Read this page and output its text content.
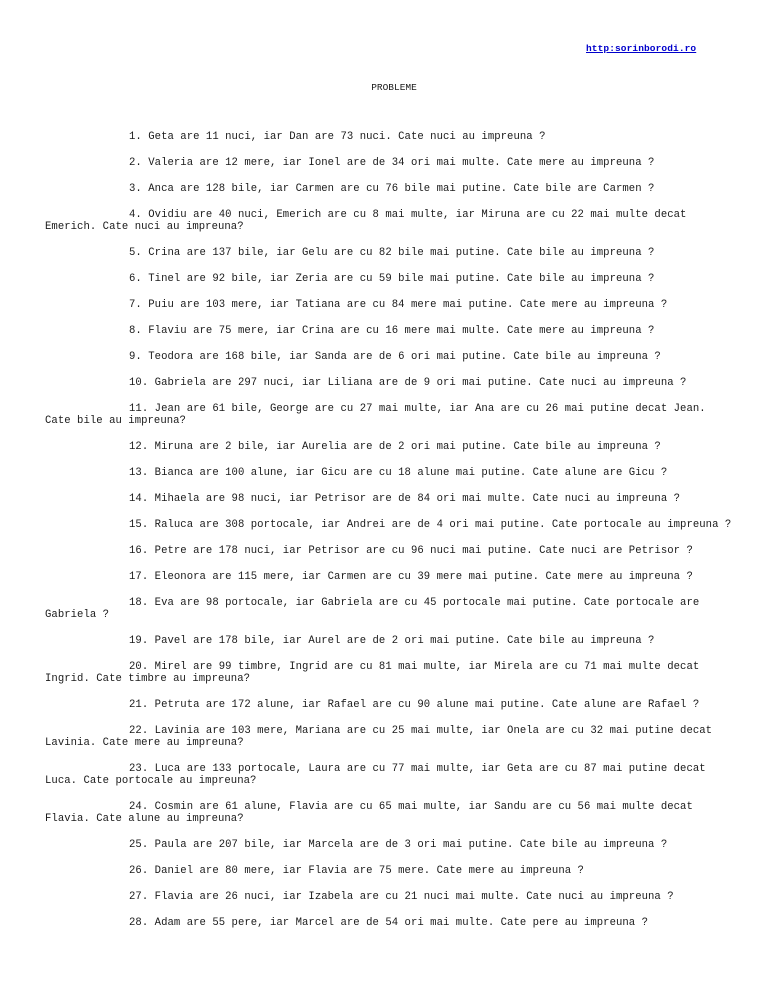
http:sorinborodi.ro
PROBLEME
1. Geta are 11 nuci, iar Dan are 73 nuci. Cate nuci au impreuna ?
2. Valeria are 12 mere, iar Ionel are de 34 ori mai multe. Cate mere au impreuna ?
3. Anca are 128 bile, iar Carmen are cu 76 bile mai putine. Cate bile are Carmen ?
4. Ovidiu are 40 nuci, Emerich are cu 8 mai multe, iar Miruna are cu 22 mai multe decat Emerich. Cate nuci au impreuna?
5. Crina are 137 bile, iar Gelu are cu 82 bile mai putine. Cate bile au impreuna ?
6. Tinel are 92 bile, iar Zeria are cu 59 bile mai putine. Cate bile au impreuna ?
7. Puiu are 103 mere, iar Tatiana are cu 84 mere mai putine. Cate mere au impreuna ?
8. Flaviu are 75 mere, iar Crina are cu 16 mere mai multe. Cate mere au impreuna ?
9. Teodora are 168 bile, iar Sanda are de 6 ori mai putine. Cate bile au impreuna ?
10. Gabriela are 297 nuci, iar Liliana are de 9 ori mai putine. Cate nuci au impreuna ?
11. Jean are 61 bile, George are cu 27 mai multe, iar Ana are cu 26 mai putine decat Jean. Cate bile au impreuna?
12. Miruna are 2 bile, iar Aurelia are de 2 ori mai putine. Cate bile au impreuna ?
13. Bianca are 100 alune, iar Gicu are cu 18 alune mai putine. Cate alune are Gicu ?
14. Mihaela are 98 nuci, iar Petrisor are de 84 ori mai multe. Cate nuci au impreuna ?
15. Raluca are 308 portocale, iar Andrei are de 4 ori mai putine. Cate portocale au impreuna ?
16. Petre are 178 nuci, iar Petrisor are cu 96 nuci mai putine. Cate nuci are Petrisor ?
17. Eleonora are 115 mere, iar Carmen are cu 39 mere mai putine. Cate mere au impreuna ?
18. Eva are 98 portocale, iar Gabriela are cu 45 portocale mai putine. Cate portocale are Gabriela ?
19. Pavel are 178 bile, iar Aurel are de 2 ori mai putine. Cate bile au impreuna ?
20. Mirel are 99 timbre, Ingrid are cu 81 mai multe, iar Mirela are cu 71 mai multe decat Ingrid. Cate timbre au impreuna?
21. Petruta are 172 alune, iar Rafael are cu 90 alune mai putine. Cate alune are Rafael ?
22. Lavinia are 103 mere, Mariana are cu 25 mai multe, iar Onela are cu 32 mai putine decat Lavinia. Cate mere au impreuna?
23. Luca are 133 portocale, Laura are cu 77 mai multe, iar Geta are cu 87 mai putine decat Luca. Cate portocale au impreuna?
24. Cosmin are 61 alune, Flavia are cu 65 mai multe, iar Sandu are cu 56 mai multe decat Flavia. Cate alune au impreuna?
25. Paula are 207 bile, iar Marcela are de 3 ori mai putine. Cate bile au impreuna ?
26. Daniel are 80 mere, iar Flavia are 75 mere. Cate mere au impreuna ?
27. Flavia are 26 nuci, iar Izabela are cu 21 nuci mai multe. Cate nuci au impreuna ?
28. Adam are 55 pere, iar Marcel are de 54 ori mai multe. Cate pere au impreuna ?
